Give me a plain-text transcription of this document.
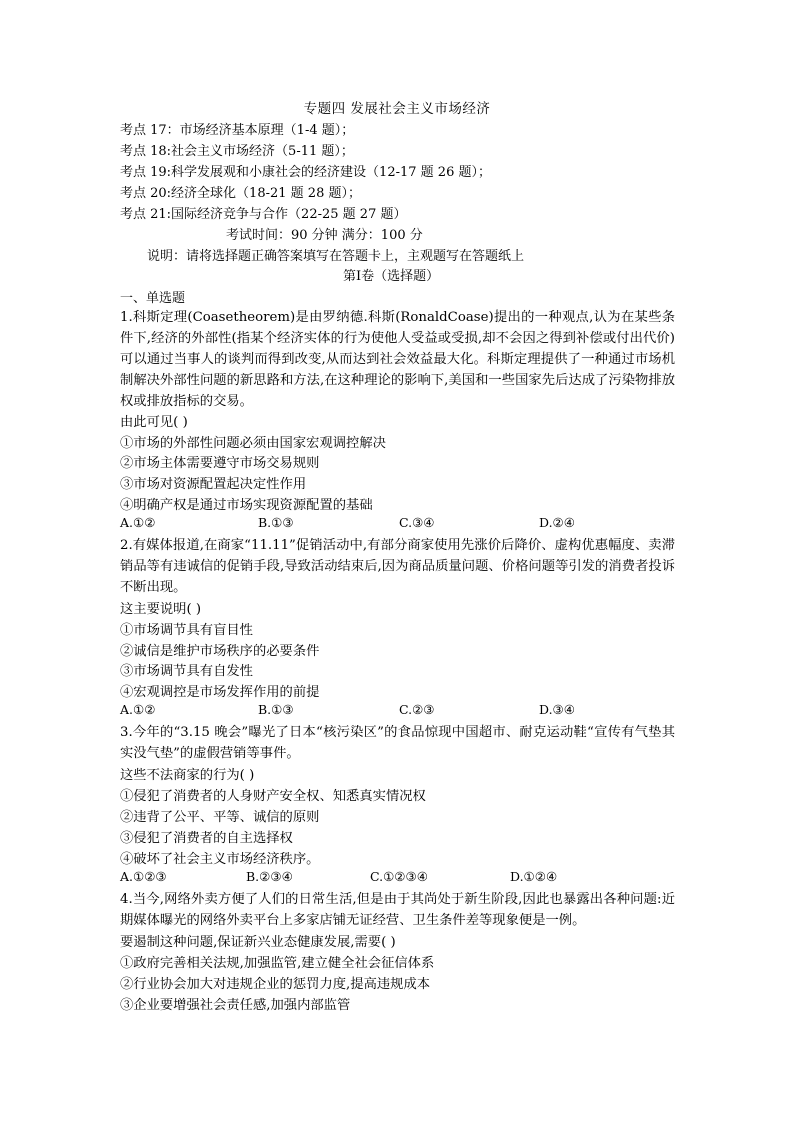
专题四 发展社会主义市场经济
考点 17：市场经济基本原理（1-4 题）；
考点 18:社会主义市场经济（5-11 题）；
考点 19:科学发展观和小康社会的经济建设（12-17 题 26 题）；
考点 20:经济全球化（18-21 题 28 题）；
考点 21:国际经济竞争与合作（22-25 题 27 题）
考试时间：90 分钟 满分：100 分
说明：请将选择题正确答案填写在答题卡上，主观题写在答题纸上
第Ⅰ卷（选择题）
一、单选题
1.科斯定理(Coasetheorem)是由罗纳德.科斯(RonaldCoase)提出的一种观点,认为在某些条件下,经济的外部性(指某个经济实体的行为使他人受益或受损,却不会因之得到补偿或付出代价)可以通过当事人的谈判而得到改变,从而达到社会效益最大化。科斯定理提供了一种通过市场机制解决外部性问题的新思路和方法,在这种理论的影响下,美国和一些国家先后达成了污染物排放权或排放指标的交易。
由此可见( )
①市场的外部性问题必须由国家宏观调控解决
②市场主体需要遵守市场交易规则
③市场对资源配置起决定性作用
④明确产权是通过市场实现资源配置的基础
A.①②	B.①③	C.③④	D.②④
2.有媒体报道,在商家“11.11”促销活动中,有部分商家使用先涨价后降价、虚构优惠幅度、卖滞销品等有违诚信的促销手段,导致活动结束后,因为商品质量问题、价格问题等引发的消费者投诉不断出现。
这主要说明( )
①市场调节具有盲目性
②诚信是维护市场秩序的必要条件
③市场调节具有自发性
④宏观调控是市场发挥作用的前提
A.①②	B.①③	C.②③	D.③④
3.今年的“3.15 晚会”曝光了日本“核污染区”的食品惊现中国超市、耐克运动鞋“宣传有气垫其实没气垫”的虚假营销等事件。
这些不法商家的行为( )
①侵犯了消费者的人身财产安全权、知悉真实情况权
②违背了公平、平等、诚信的原则
③侵犯了消费者的自主选择权
④破坏了社会主义市场经济秩序。
A.①②③	B.②③④	C.①②③④	D.①②④
4.当今,网络外卖方便了人们的日常生活,但是由于其尚处于新生阶段,因此也暴露出各种问题:近期媒体曝光的网络外卖平台上多家店铺无证经营、卫生条件差等现象便是一例。
要遏制这种问题,保证新兴业态健康发展,需要( )
①政府完善相关法规,加强监管,建立健全社会征信体系
②行业协会加大对违规企业的惩罚力度,提高违规成本
③企业要增强社会责任感,加强内部监管
